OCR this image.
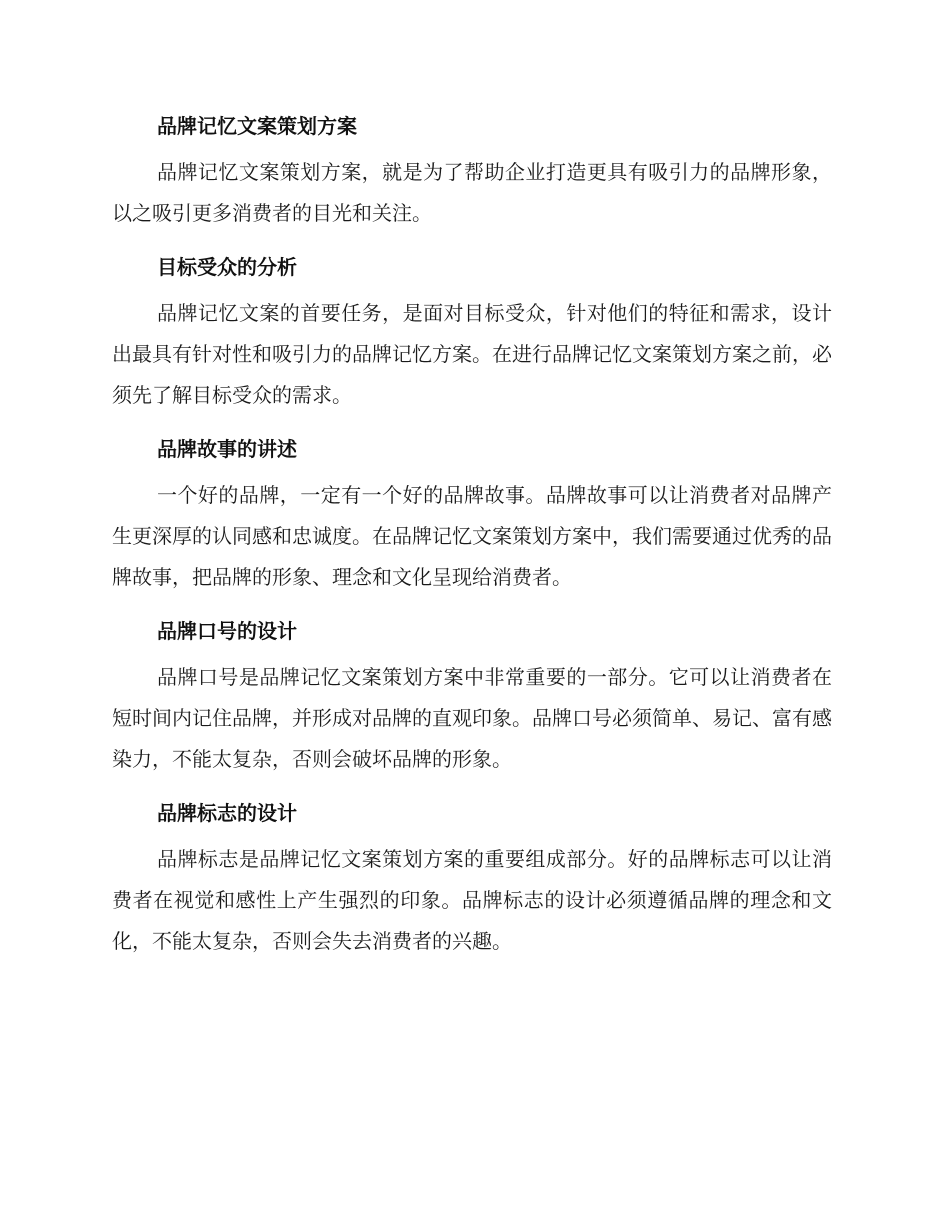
品牌记忆文案策划方案

品牌记忆文案策划方案，就是为了帮助企业打造更具有吸引力的品牌形象，以之吸引更多消费者的目光和关注。

目标受众的分析

品牌记忆文案的首要任务，是面对目标受众，针对他们的特征和需求，设计出最具有针对性和吸引力的品牌记忆方案。在进行品牌记忆文案策划方案之前，必须先了解目标受众的需求。

品牌故事的讲述

一个好的品牌，一定有一个好的品牌故事。品牌故事可以让消费者对品牌产生更深厚的认同感和忠诚度。在品牌记忆文案策划方案中，我们需要通过优秀的品牌故事，把品牌的形象、理念和文化呈现给消费者。

品牌口号的设计

品牌口号是品牌记忆文案策划方案中非常重要的一部分。它可以让消费者在短时间内记住品牌，并形成对品牌的直观印象。品牌口号必须简单、易记、富有感染力，不能太复杂，否则会破坏品牌的形象。

品牌标志的设计

品牌标志是品牌记忆文案策划方案的重要组成部分。好的品牌标志可以让消费者在视觉和感性上产生强烈的印象。品牌标志的设计必须遵循品牌的理念和文化，不能太复杂，否则会失去消费者的兴趣。
